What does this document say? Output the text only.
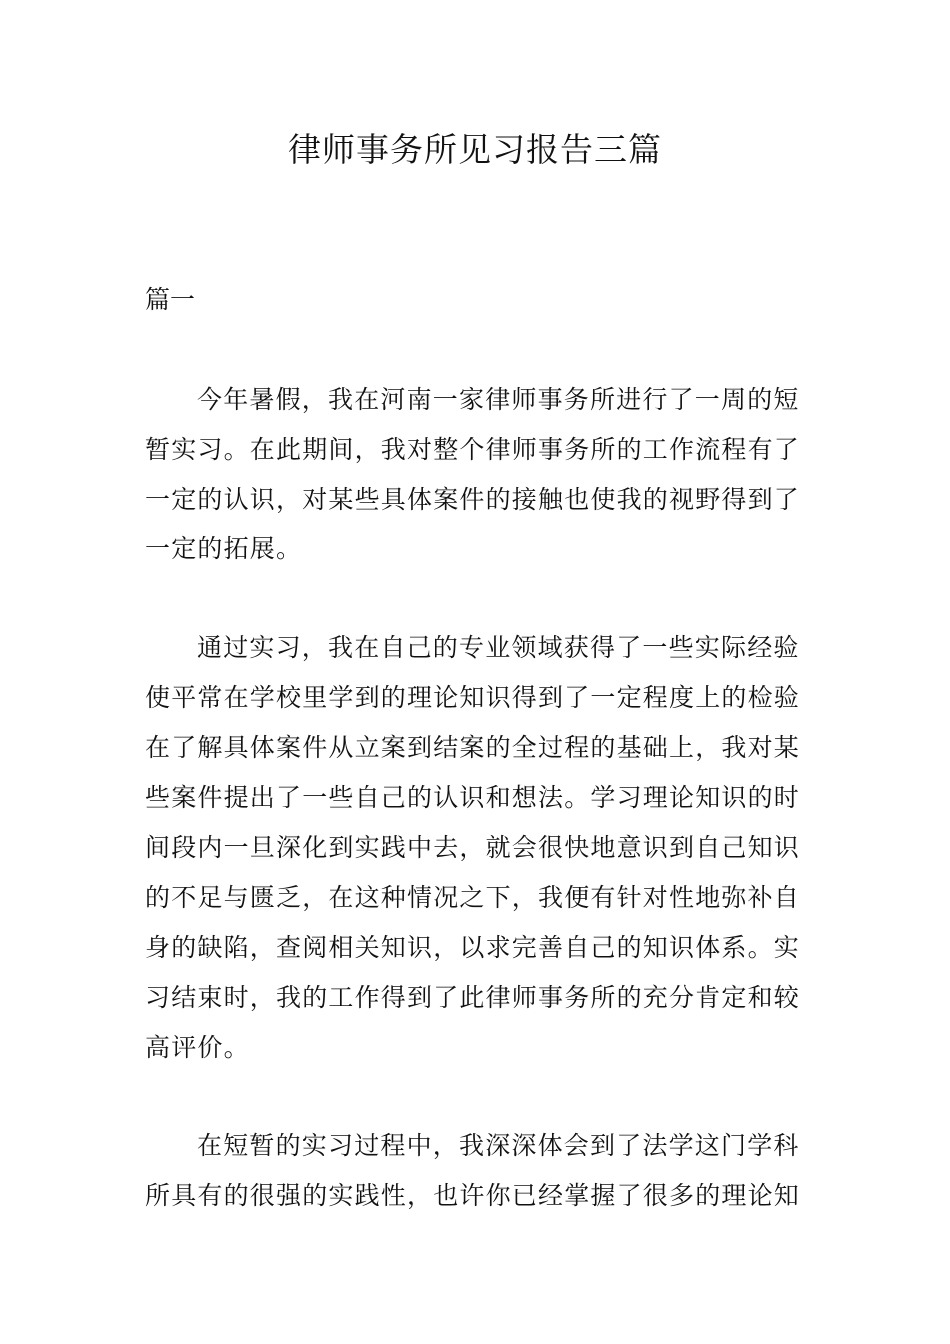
律师事务所见习报告三篇

篇一

今年暑假，我在河南一家律师事务所进行了一周的短

暂实习。在此期间，我对整个律师事务所的工作流程有了

一定的认识，对某些具体案件的接触也使我的视野得到了

一定的拓展。

通过实习，我在自己的专业领域获得了一些实际经验

使平常在学校里学到的理论知识得到了一定程度上的检验

在了解具体案件从立案到结案的全过程的基础上，我对某

些案件提出了一些自己的认识和想法。学习理论知识的时

间段内一旦深化到实践中去，就会很快地意识到自己知识

的不足与匮乏，在这种情况之下，我便有针对性地弥补自

身的缺陷，查阅相关知识，以求完善自己的知识体系。实

习结束时，我的工作得到了此律师事务所的充分肯定和较

高评价。

在短暂的实习过程中，我深深体会到了法学这门学科

所具有的很强的实践性，也许你已经掌握了很多的理论知
